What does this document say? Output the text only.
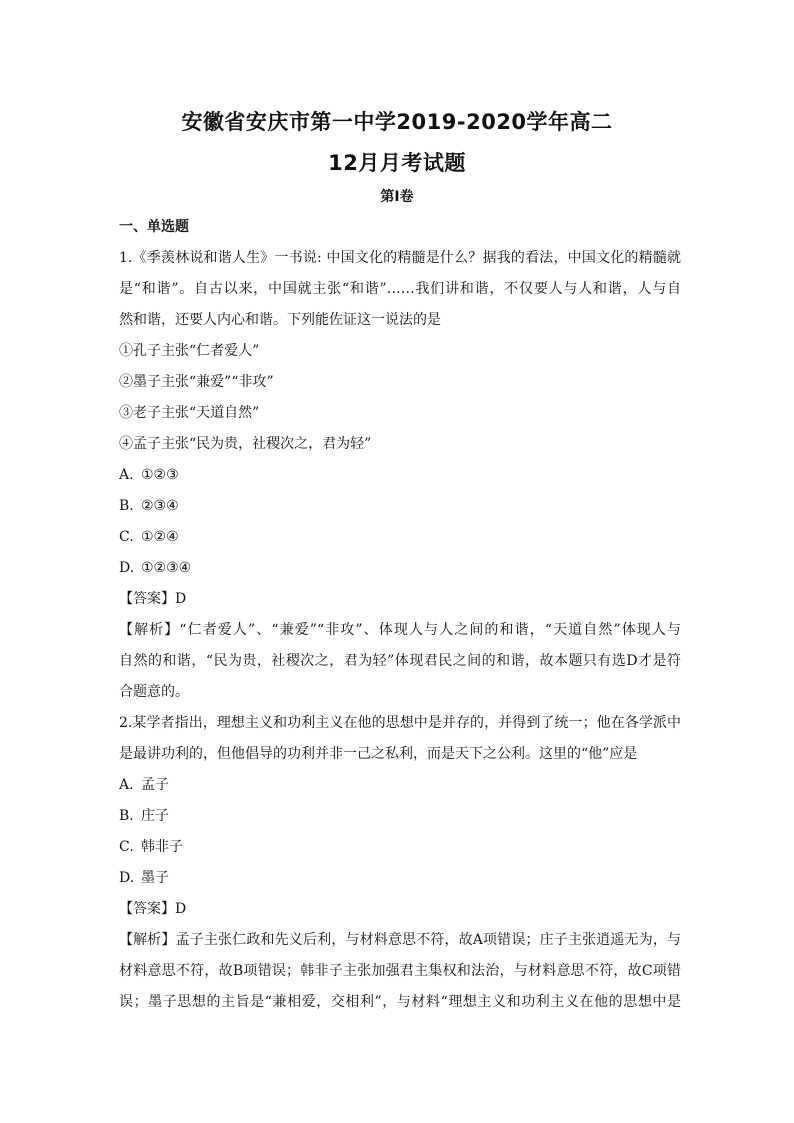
安徽省安庆市第一中学2019-2020学年高二
12月月考试题
第Ⅰ卷
一、单选题
1.《季羡林说和谐人生》一书说: 中国文化的精髓是什么？据我的看法，中国文化的精髓就
是“和谐”。自古以来，中国就主张“和谐”……我们讲和谐，不仅要人与人和谐，人与自
然和谐，还要人内心和谐。下列能佐证这一说法的是
①孔子主张“仁者爱人”
②墨子主张“兼爱”“非攻”
③老子主张“天道自然”
④孟子主张“民为贵，社稷次之，君为轻”
A. ①②③
B. ②③④
C. ①②④
D. ①②③④
【答案】D
【解析】“仁者爱人”、“兼爱”“非攻”、体现人与人之间的和谐，“天道自然”体现人与
自然的和谐，“民为贵，社稷次之，君为轻”体现君民之间的和谐，故本题只有选D才是符
合题意的。
2.某学者指出，理想主义和功利主义在他的思想中是并存的，并得到了统一；他在各学派中
是最讲功利的，但他倡导的功利并非一己之私利，而是天下之公利。这里的“他”应是
A. 孟子
B. 庄子
C. 韩非子
D. 墨子
【答案】D
【解析】孟子主张仁政和先义后利，与材料意思不符，故A项错误；庄子主张逍遥无为，与
材料意思不符，故B项错误；韩非子主张加强君主集权和法治，与材料意思不符，故C项错
误；墨子思想的主旨是“兼相爱，交相利”，与材料“理想主义和功利主义在他的思想中是
